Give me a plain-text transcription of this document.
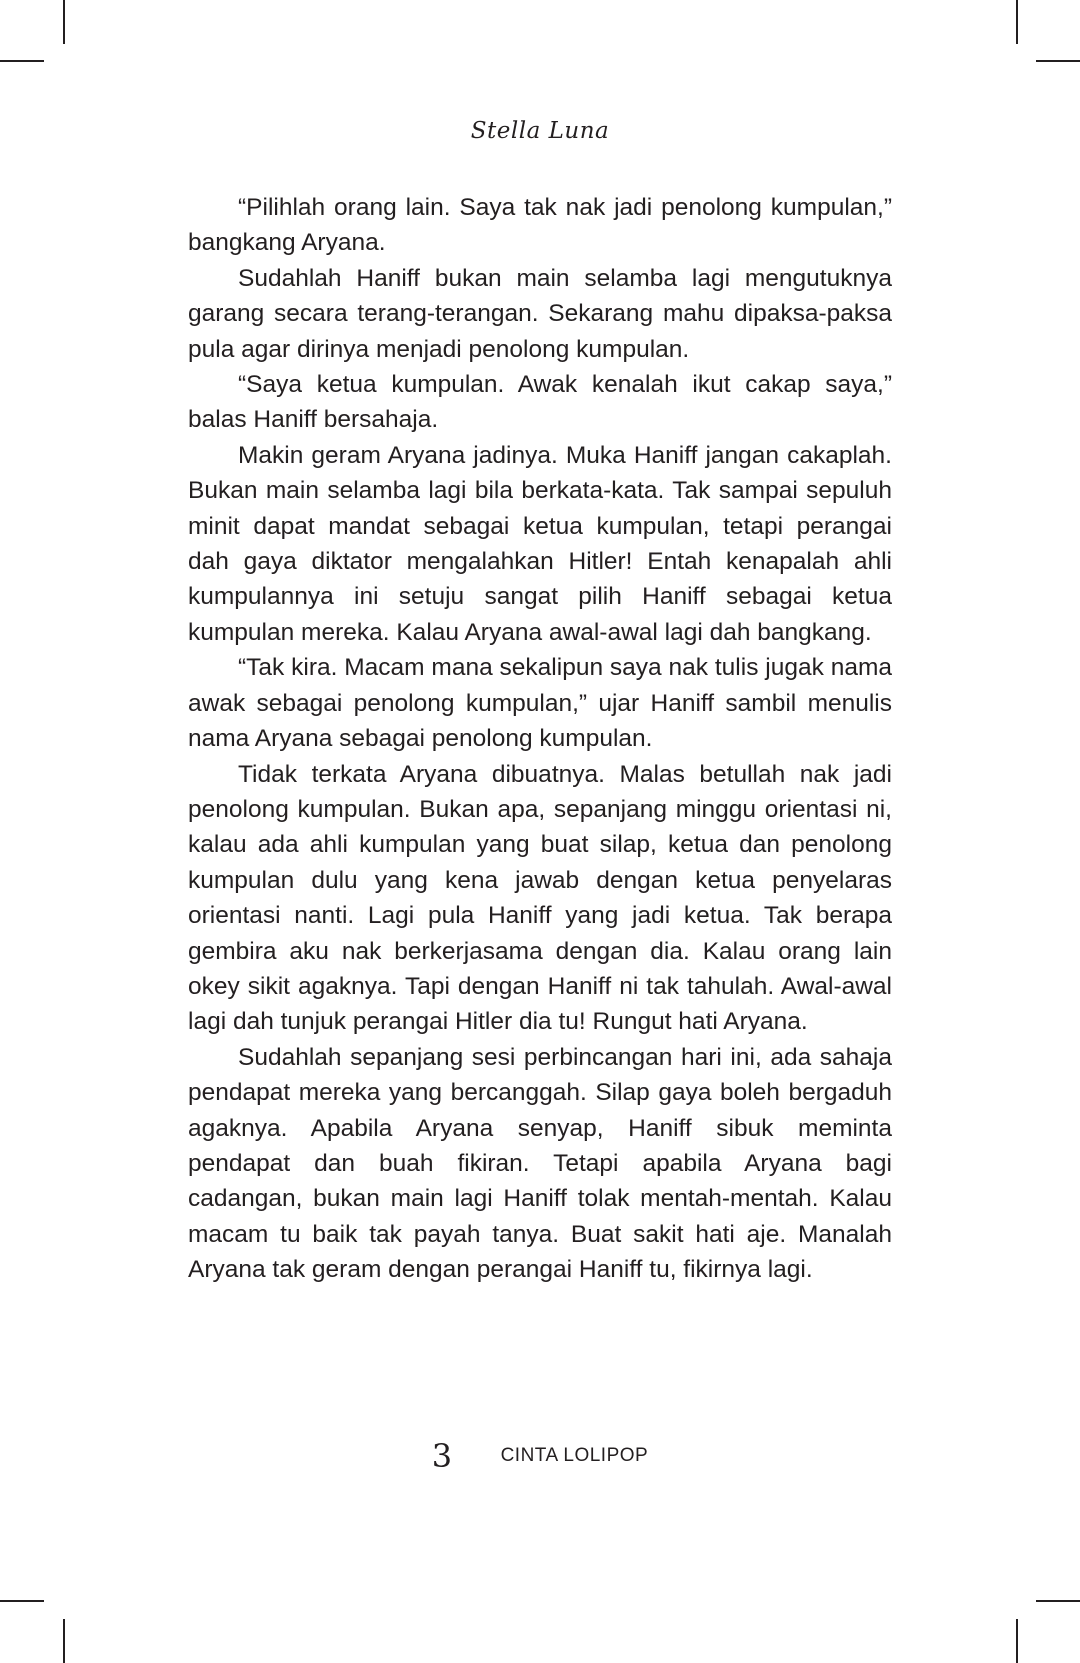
Stella Luna

“Pilihlah orang lain. Saya tak nak jadi penolong kumpulan,” bangkang Aryana.

Sudahlah Haniff bukan main selamba lagi mengutuknya garang secara terang-terangan. Sekarang mahu dipaksa-paksa pula agar dirinya menjadi penolong kumpulan.

“Saya ketua kumpulan. Awak kenalah ikut cakap saya,” balas Haniff bersahaja.

Makin geram Aryana jadinya. Muka Haniff jangan cakaplah. Bukan main selamba lagi bila berkata-kata. Tak sampai sepuluh minit dapat mandat sebagai ketua kumpulan, tetapi perangai dah gaya diktator mengalahkan Hitler! Entah kenapalah ahli kumpulannya ini setuju sangat pilih Haniff sebagai ketua kumpulan mereka. Kalau Aryana awal-awal lagi dah bangkang.

“Tak kira. Macam mana sekalipun saya nak tulis jugak nama awak sebagai penolong kumpulan,” ujar Haniff sambil menulis nama Aryana sebagai penolong kumpulan.

Tidak terkata Aryana dibuatnya. Malas betullah nak jadi penolong kumpulan. Bukan apa, sepanjang minggu orientasi ni, kalau ada ahli kumpulan yang buat silap, ketua dan penolong kumpulan dulu yang kena jawab dengan ketua penyelaras orientasi nanti. Lagi pula Haniff yang jadi ketua. Tak berapa gembira aku nak berkerjasama dengan dia. Kalau orang lain okey sikit agaknya. Tapi dengan Haniff ni tak tahulah. Awal-awal lagi dah tunjuk perangai Hitler dia tu! Rungut hati Aryana.

Sudahlah sepanjang sesi perbincangan hari ini, ada sahaja pendapat mereka yang bercanggah. Silap gaya boleh bergaduh agaknya. Apabila Aryana senyap, Haniff sibuk meminta pendapat dan buah fikiran. Tetapi apabila Aryana bagi cadangan, bukan main lagi Haniff tolak mentah-mentah. Kalau macam tu baik tak payah tanya. Buat sakit hati aje. Manalah Aryana tak geram dengan perangai Haniff tu, fikirnya lagi.

3	CINTA LOLIPOP
